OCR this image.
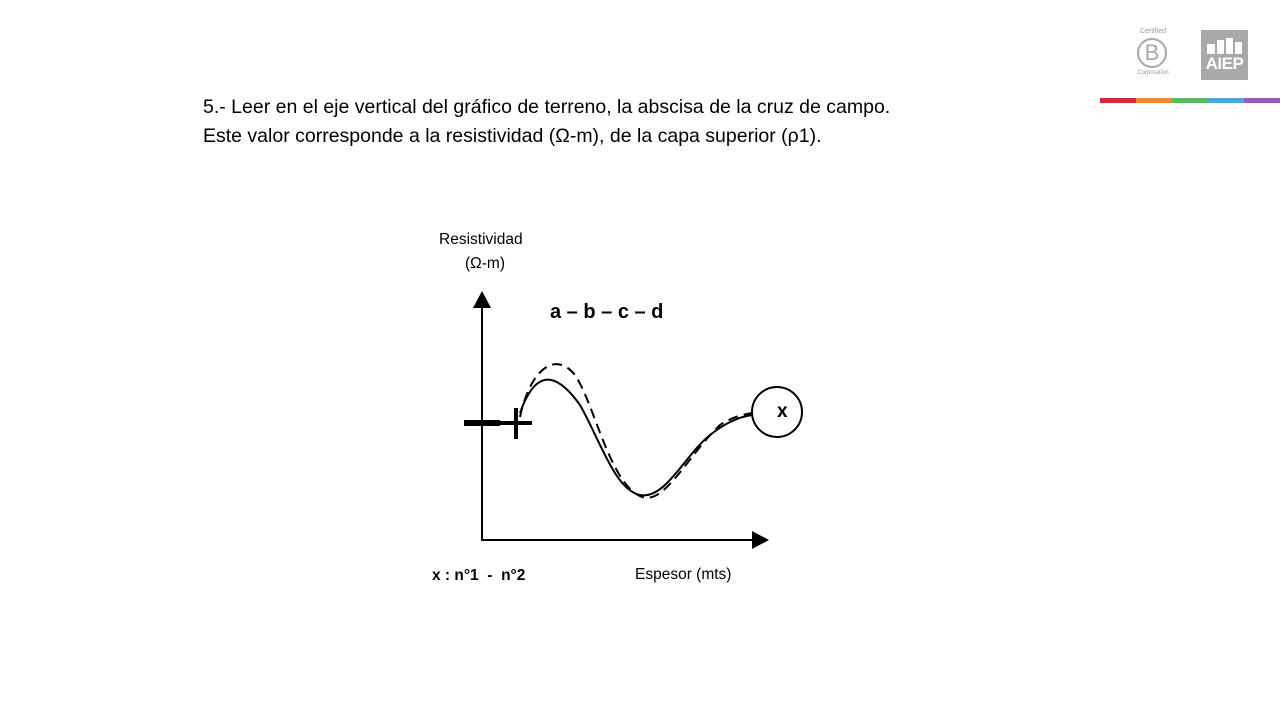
Certified
B
Corporation	AIEP
5.- Leer en el eje vertical del gráfico de terreno, la abscisa de la cruz de campo.
Este valor corresponde a la resistividad (Ω-m), de la capa superior (ρ1).
Resistividad
(Ω-m)
a – b – c – d
x
Espesor (mts)
x : n°1  -  n°2
